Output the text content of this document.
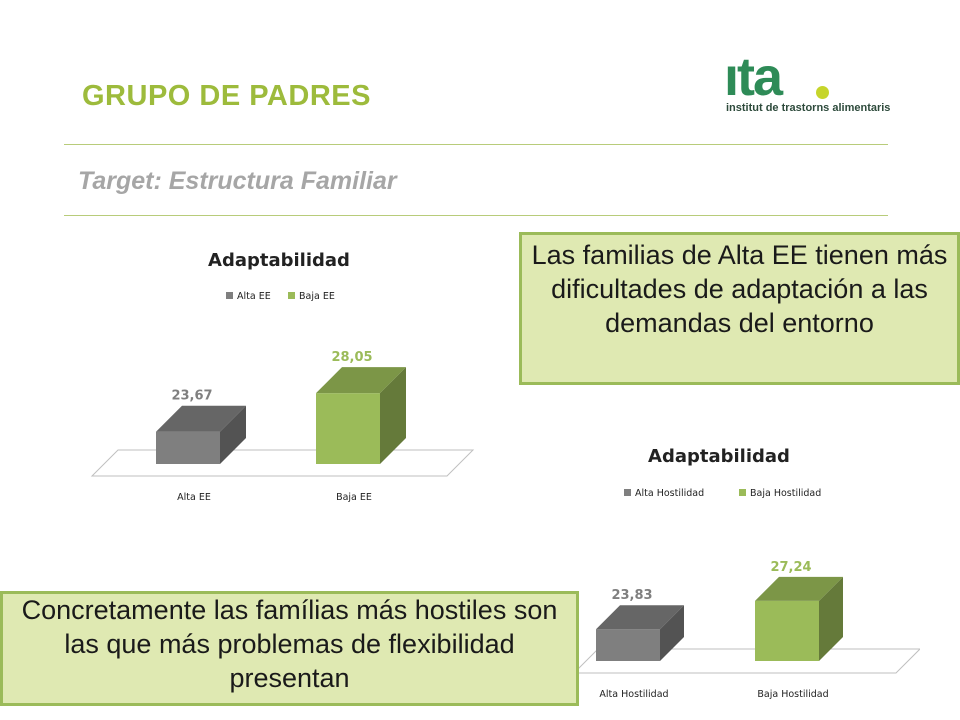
GRUPO DE PADRES
Target: Estructura Familiar
ıta
institut de trastorns alimentaris
Adaptabilidad
Alta EE	Baja EE
23,67
Alta EE
28,05
Baja EE
Adaptabilidad
Alta Hostilidad	Baja Hostilidad
23,83
Alta Hostilidad
27,24
Baja Hostilidad
Las familias de Alta EE tienen más dificultades de adaptación a las demandas del entorno
Concretamente las famílias más hostiles son las que más problemas de flexibilidad presentan
